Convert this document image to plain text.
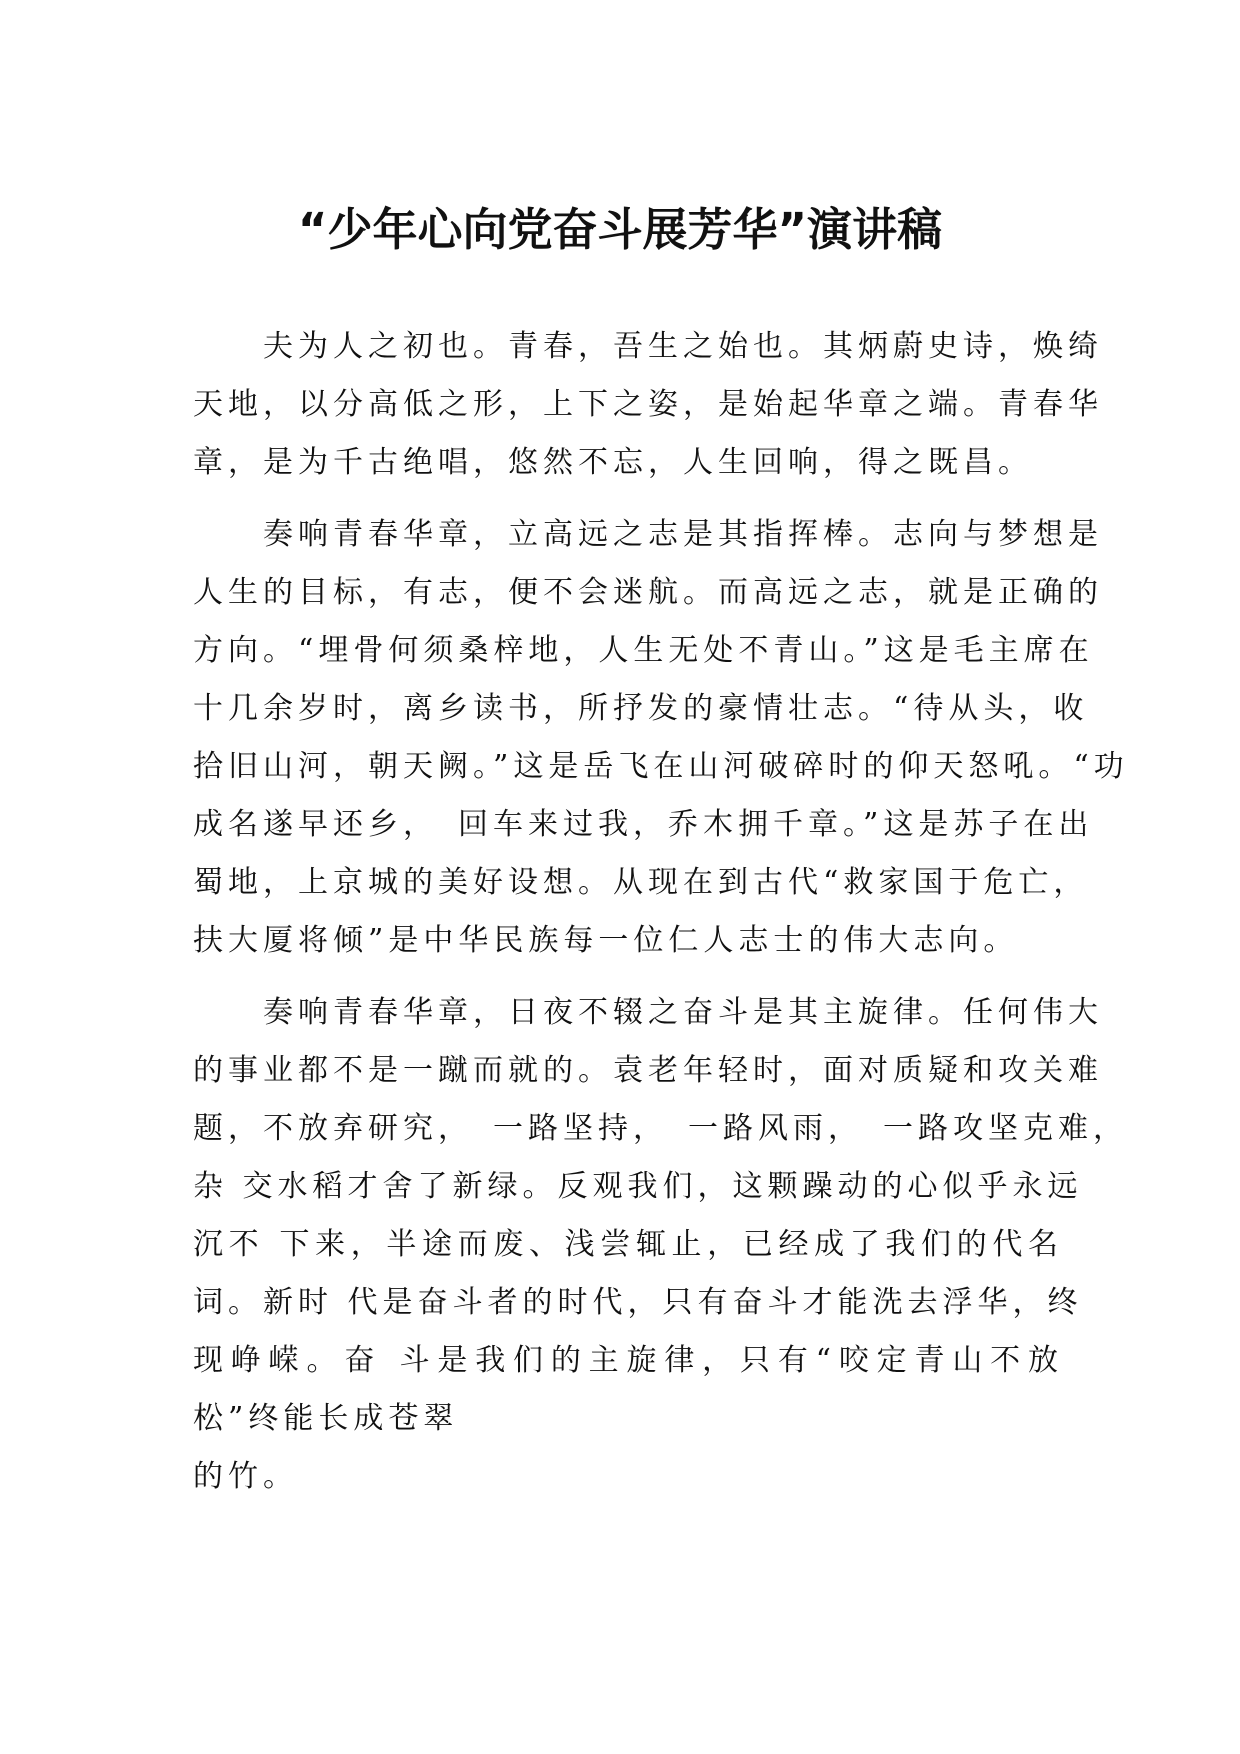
“少年心向党奋斗展芳华”演讲稿
夫为人之初也。青春，吾生之始也。其炳蔚史诗，焕绮
天地，以分高低之形，上下之姿，是始起华章之端。青春华
章，是为千古绝唱，悠然不忘，人生回响，得之既昌。
奏响青春华章，立高远之志是其指挥棒。志向与梦想是
人生的目标，有志，便不会迷航。而高远之志，就是正确的
方向。“埋骨何须桑梓地，人生无处不青山。”这是毛主席在
十几余岁时，离乡读书，所抒发的豪情壮志。“待从头，收
拾旧山河，朝天阙。”这是岳飞在山河破碎时的仰天怒吼。“功
成名遂早还乡，　回车来过我，乔木拥千章。”这是苏子在出
蜀地，上京城的美好设想。从现在到古代“救家国于危亡，
扶大厦将倾”是中华民族每一位仁人志士的伟大志向。
奏响青春华章，日夜不辍之奋斗是其主旋律。任何伟大
的事业都不是一蹴而就的。袁老年轻时，面对质疑和攻关难
题，不放弃研究，　一路坚持，　一路风雨，　一路攻坚克难，
杂 交水稻才舍了新绿。反观我们，这颗躁动的心似乎永远
沉不 下来，半途而废、浅尝辄止，已经成了我们的代名
词。新时 代是奋斗者的时代，只有奋斗才能洗去浮华，终
现峥嵘。奋 斗是我们的主旋律，只有“咬定青山不放
松”终能长成苍翠
的竹。
